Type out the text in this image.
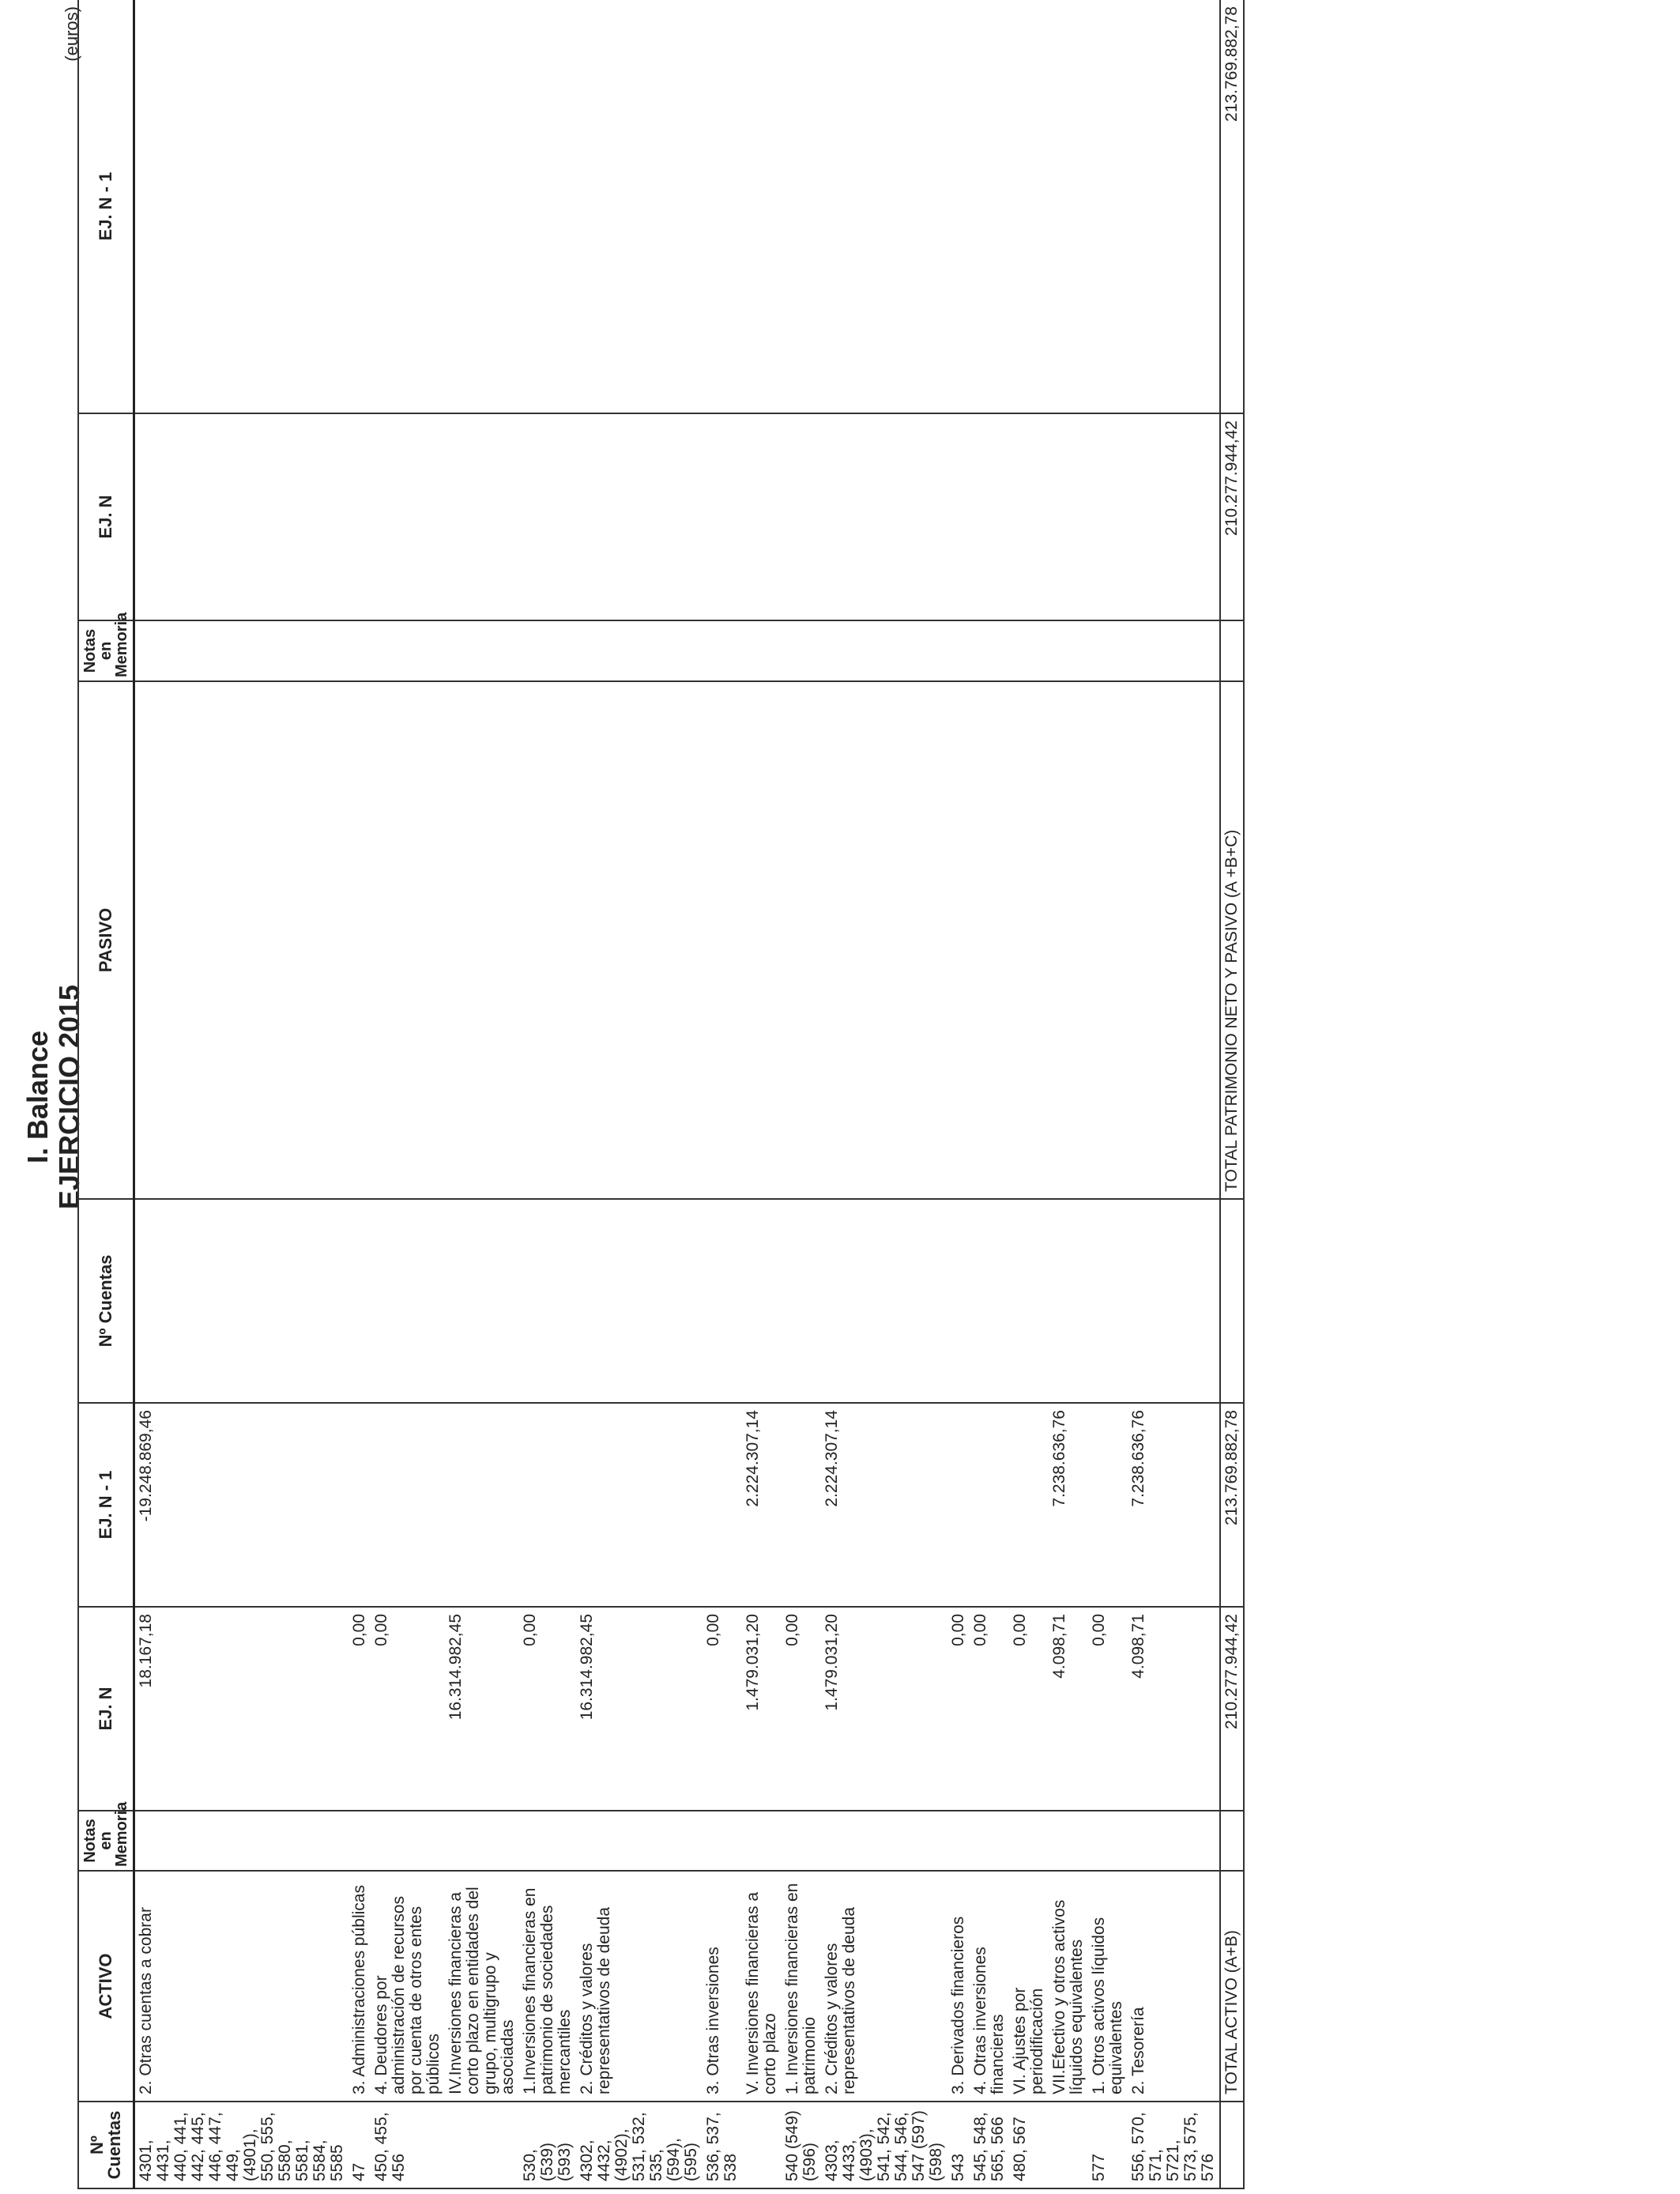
I. Balance EJERCICIO 2015
(euros)
Nº Cuentas	ACTIVO	Notas en Memoria	EJ. N	EJ. N - 1	Nº Cuentas	PASIVO	Notas en Memoria	EJ. N	EJ. N - 1
4301, 4431, 440, 441, 442, 445, 446, 447, 449, (4901), 550, 555, 5580, 5581, 5584, 5585	2. Otras cuentas a cobrar		18.167,18	-19.248.869,46					
47	3. Administraciones públicas		0,00						
450, 455, 456	4. Deudores por administración de recursos por cuenta de otros entes públicos		0,00						
	IV.Inversiones financieras a corto plazo en entidades del grupo, multigrupo y asociadas		16.314.982,45						
530, (539) (593)	1.Inversiones financieras en patrimonio de sociedades mercantiles		0,00						
4302, 4432, (4902), 531, 532, 535, (594), (595)	2. Créditos y valores representativos de deuda		16.314.982,45						
536, 537, 538	3. Otras inversiones		0,00						
	V. Inversiones financieras a corto plazo		1.479.031,20	2.224.307,14					
540 (549) (596)	1. Inversiones financieras en patrimonio		0,00						
4303, 4433, (4903), 541, 542, 544, 546, 547 (597) (598)	2. Créditos y valores representativos de deuda		1.479.031,20	2.224.307,14					
543	3. Derivados financieros		0,00						
545, 548, 565, 566	4. Otras inversiones financieras		0,00						
480, 567	VI. Ajustes por periodificación		0,00						
	VII.Efectivo y otros activos líquidos equivalentes		4.098,71	7.238.636,76					
577	1. Otros activos líquidos equivalentes		0,00						
556, 570, 571, 5721, 573, 575, 576	2. Tesorería		4.098,71	7.238.636,76					
	TOTAL ACTIVO (A+B)		210.277.944,42	213.769.882,78		TOTAL PATRIMONIO NETO Y PASIVO (A +B+C)		210.277.944,42	213.769.882,78
